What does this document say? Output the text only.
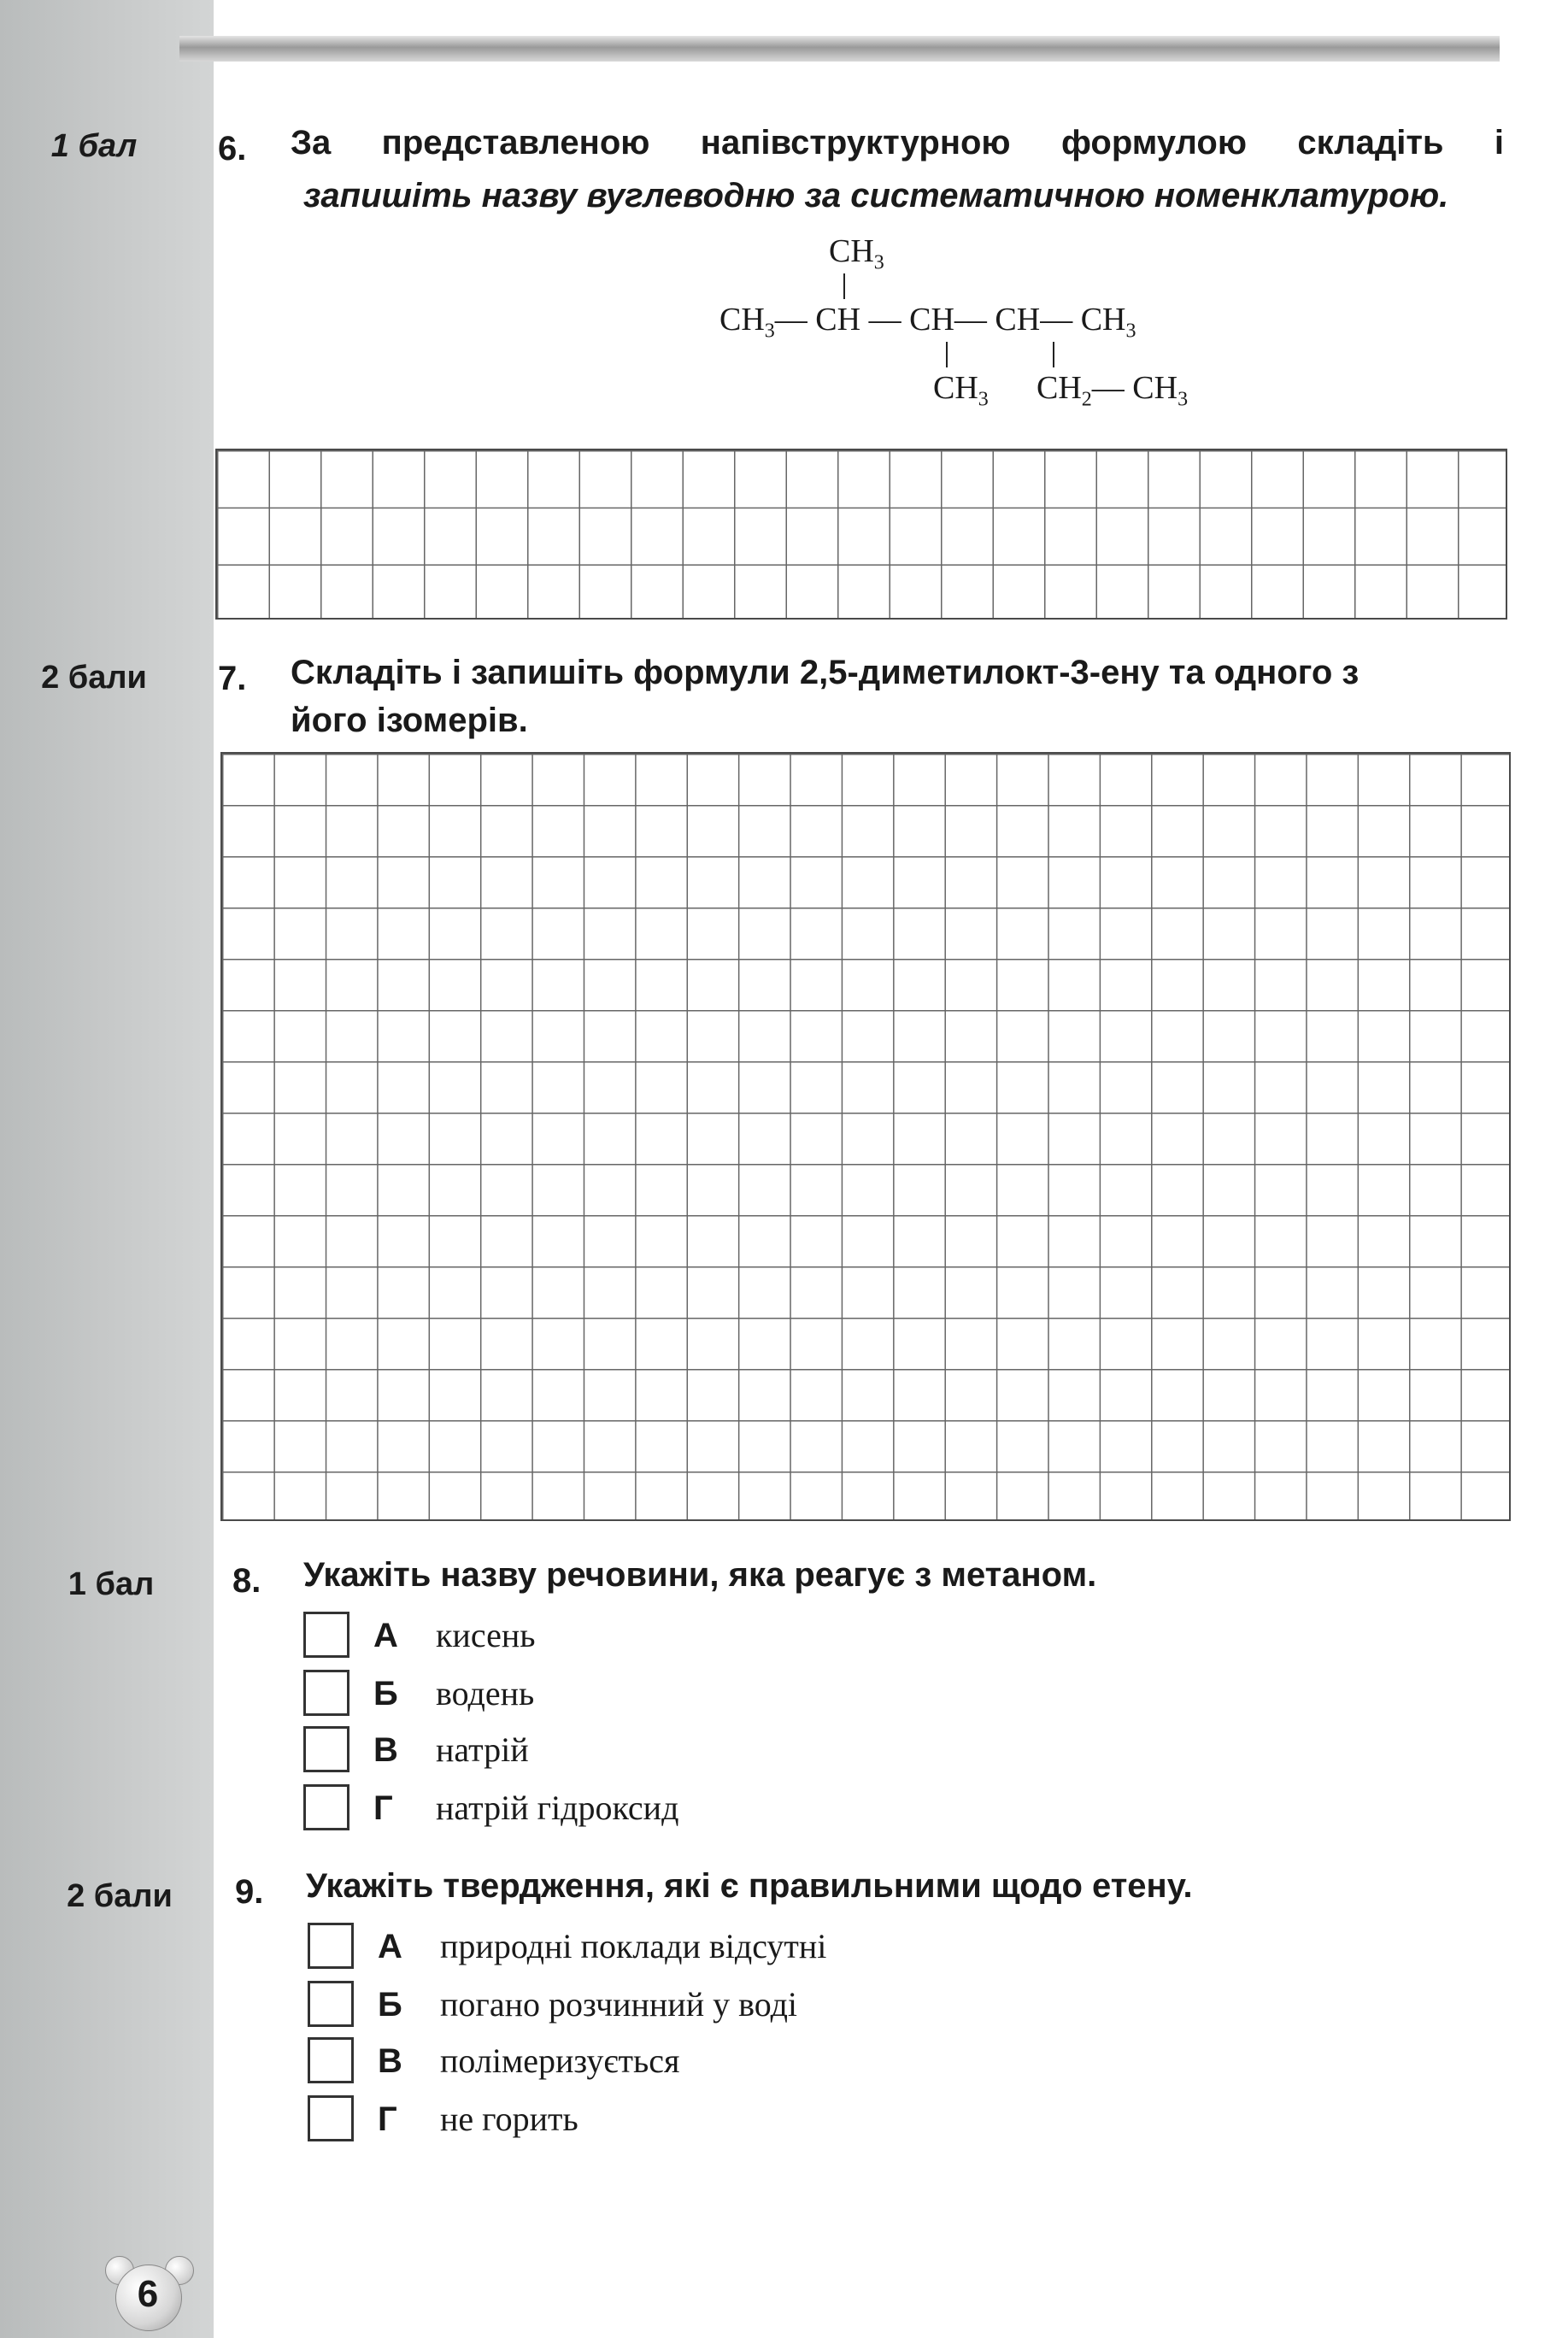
1 бал	6. За представленою напівструктурною формулою складіть і
запишіть назву вуглеводню за систематичною номенклатурою.
$CH_3$
$CH_3—$ CH — CH— CH— $CH_3$
$CH_3$ $CH_2—$ $CH_3$
2 бали	7. Складіть і запишіть формули 2,5-диметилокт-3-ену та одного з
його ізомерів.
1 бал	8. Укажіть назву речовини, яка реагує з метаном.
А кисень
Б водень
В натрій
Г натрій гідроксид
2 бали	9. Укажіть твердження, які є правильними щодо етену.
А природні поклади відсутні
Б погано розчинний у воді
В полімеризується
Г не горить
6
